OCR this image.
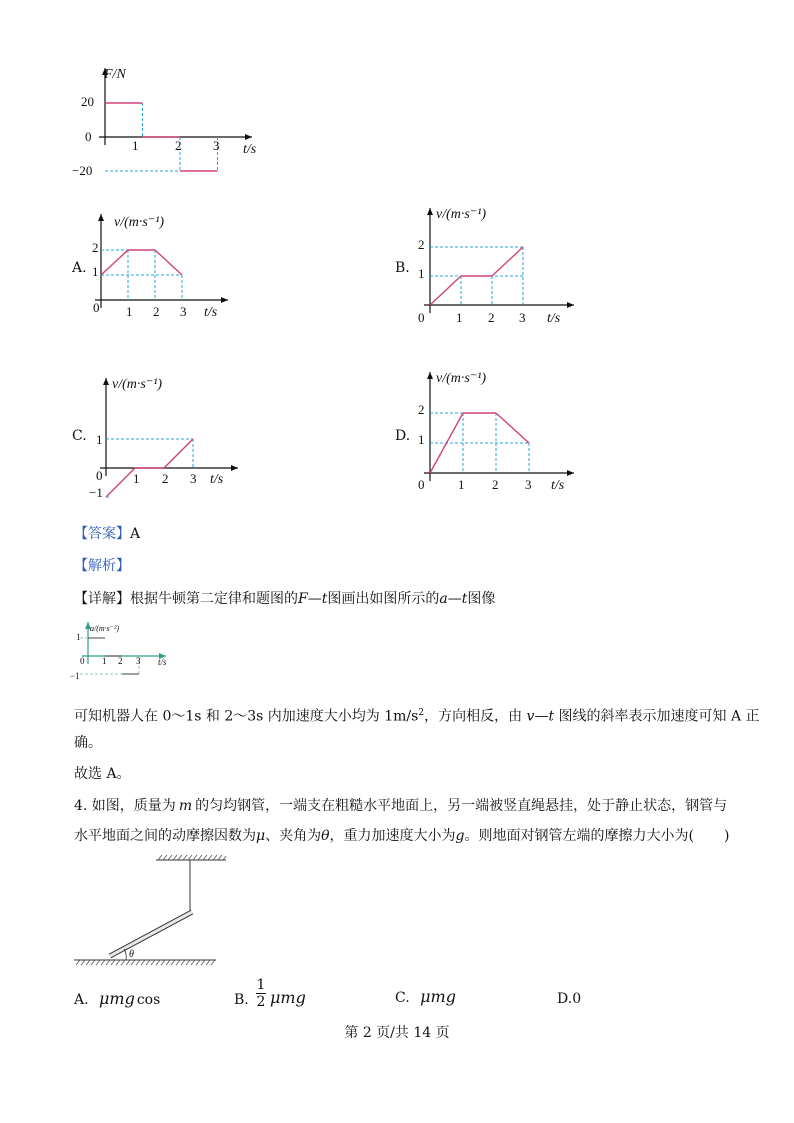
F/N
t/s
20
0
−20
1	2 3
A.
v/(m·s⁻¹)
2
1
0 1 2 3 t/s
B.
v/(m·s⁻¹)
2
1
0 1 2 3 t/s
C.
v/(m·s⁻¹)
1
−1
0 1 2 3 t/s
D.
v/(m·s⁻¹)
2
1
0	1 2 3 t/s
【答案】A
【解析】
【详解】根据牛顿第二定律和题图的F—t图画出如图所示的a—t图像
a/(m·s⁻²)
t/s
1
−1
0 1 2 3
可知机器人在 0～1s 和 2～3s 内加速度大小均为 $1m/s^2$，方向相反，由 v—t 图线的斜率表示加速度可知 A 正
确。
故选 A。
4. 如图，质量为 m 的匀均钢管，一端支在粗糙水平地面上，另一端被竖直绳悬挂，处于静止状态，钢管与
水平地面之间的动摩擦因数为μ、夹角为θ，重力加速度大小为g。则地面对钢管左端的摩擦力大小为( )
θ
A. μmg cos	B. $\frac{1}{2}$ μmg	C. μmg	D.0
第 2 页/共 14 页
